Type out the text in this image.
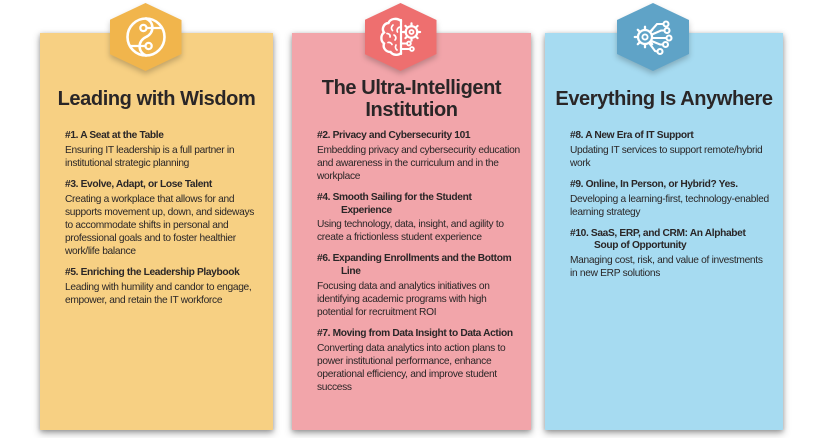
Leading with Wisdom
#1. A Seat at the Table
Ensuring IT leadership is a full partner in institutional strategic planning
#3. Evolve, Adapt, or Lose Talent
Creating a workplace that allows for and supports movement up, down, and sideways to accommodate shifts in personal and professional goals and to foster healthier work/life balance
#5. Enriching the Leadership Playbook
Leading with humility and candor to engage, empower, and retain the IT workforce
The Ultra-Intelligent Institution
#2. Privacy and Cybersecurity 101
Embedding privacy and cybersecurity education and awareness in the curriculum and in the workplace
#4. Smooth Sailing for the Student Experience
Using technology, data, insight, and agility to create a frictionless student experience
#6. Expanding Enrollments and the Bottom Line
Focusing data and analytics initiatives on identifying academic programs with high potential for recruitment ROI
#7. Moving from Data Insight to Data Action
Converting data analytics into action plans to power institutional performance, enhance operational efficiency, and improve student success
Everything Is Anywhere
#8. A New Era of IT Support
Updating IT services to support remote/hybrid work
#9. Online, In Person, or Hybrid? Yes.
Developing a learning-first, technology-enabled learning strategy
#10. SaaS, ERP, and CRM: An Alphabet Soup of Opportunity
Managing cost, risk, and value of investments in new ERP solutions
